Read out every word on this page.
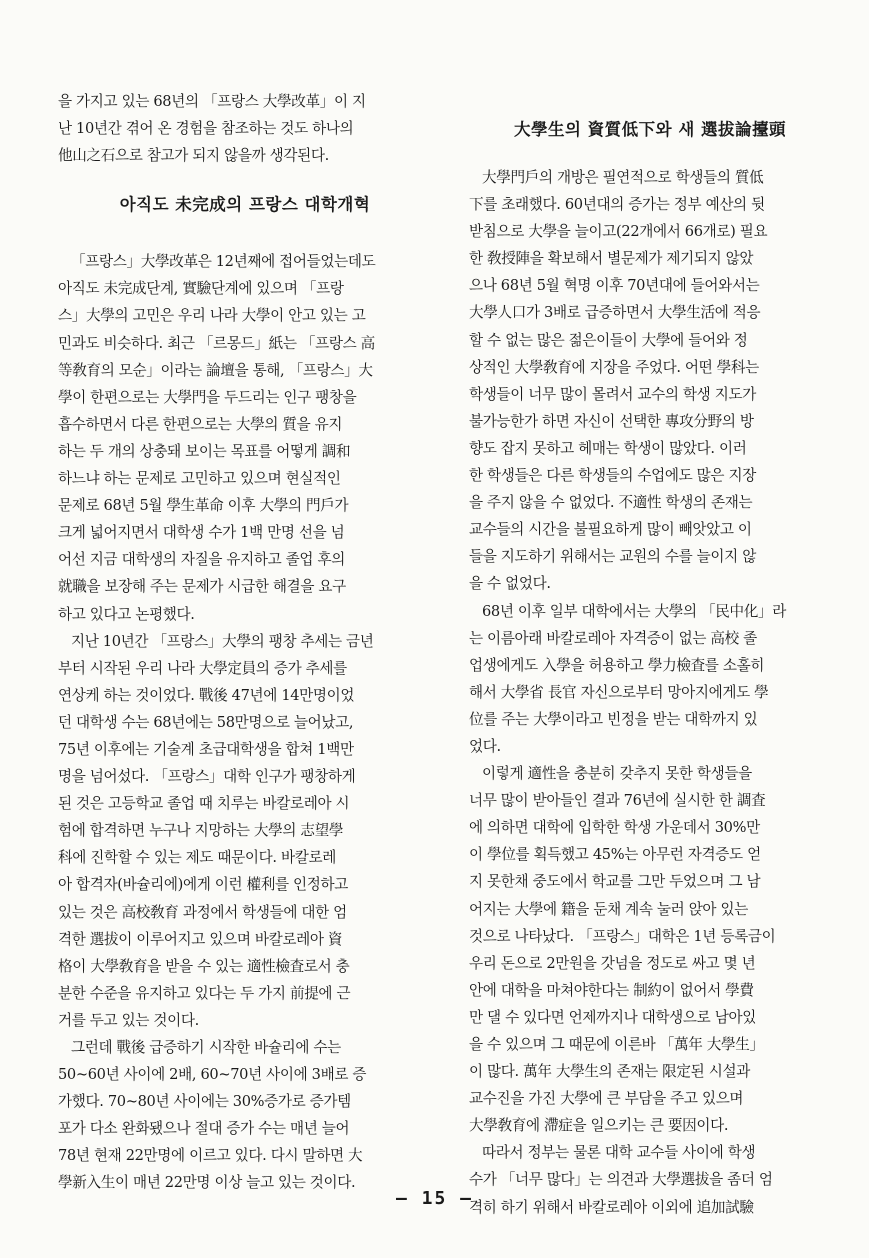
을 가지고 있는 68년의 「프랑스 大學改革」이 지
난 10년간 겪어 온 경험을 참조하는 것도 하나의
他山之石으로 참고가 되지 않을까 생각된다.
아직도 未完成의 프랑스 대학개혁
「프랑스」大學改革은 12년째에 접어들었는데도
아직도 未完成단계, 實驗단계에 있으며 「프랑
스」大學의 고민은 우리 나라 大學이 안고 있는 고
민과도 비슷하다. 최근 「르몽드」紙는 「프랑스 高
等敎育의 모순」이라는 論壇을 통해, 「프랑스」大
學이 한편으로는 大學門을 두드리는 인구 팽창을
흡수하면서 다른 한편으로는 大學의 質을 유지
하는 두 개의 상충돼 보이는 목표를 어떻게 調和
하느냐 하는 문제로 고민하고 있으며 현실적인
문제로 68년 5월 學生革命 이후 大學의 門戶가
크게 넓어지면서 대학생 수가 1백 만명 선을 넘
어선 지금 대학생의 자질을 유지하고 졸업 후의
就職을 보장해 주는 문제가 시급한 해결을 요구
하고 있다고 논평했다.
지난 10년간 「프랑스」大學의 팽창 추세는 금년
부터 시작된 우리 나라 大學定員의 증가 추세를
연상케 하는 것이었다. 戰後 47년에 14만명이었
던 대학생 수는 68년에는 58만명으로 늘어났고,
75년 이후에는 기술계 초급대학생을 합쳐 1백만
명을 넘어섰다. 「프랑스」대학 인구가 팽창하게
된 것은 고등학교 졸업 때 치루는 바칼로레아 시
험에 합격하면 누구나 지망하는 大學의 志望學
科에 진학할 수 있는 제도 때문이다. 바칼로레
아 합격자(바슐리에)에게 이런 權利를 인정하고
있는 것은 高校敎育 과정에서 학생들에 대한 엄
격한 選拔이 이루어지고 있으며 바칼로레아 資
格이 大學敎育을 받을 수 있는 適性檢査로서 충
분한 수준을 유지하고 있다는 두 가지 前提에 근
거를 두고 있는 것이다.
그런데 戰後 급증하기 시작한 바슐리에 수는
50~60년 사이에 2배, 60~70년 사이에 3배로 증
가했다. 70~80년 사이에는 30%증가로 증가템
포가 다소 완화됐으나 절대 증가 수는 매년 늘어
78년 현재 22만명에 이르고 있다. 다시 말하면 大
學新入生이 매년 22만명 이상 늘고 있는 것이다.
大學生의 資質低下와 새 選拔論擡頭
大學門戶의 개방은 필연적으로 학생들의 質低
下를 초래했다. 60년대의 증가는 정부 예산의 뒷
받침으로 大學을 늘이고(22개에서 66개로) 필요
한 敎授陣을 확보해서 별문제가 제기되지 않았
으나 68년 5월 혁명 이후 70년대에 들어와서는
大學人口가 3배로 급증하면서 大學生活에 적응
할 수 없는 많은 젊은이들이 大學에 들어와 정
상적인 大學敎育에 지장을 주었다. 어떤 學科는
학생들이 너무 많이 몰려서 교수의 학생 지도가
불가능한가 하면 자신이 선택한 專攻分野의 방
향도 잡지 못하고 헤매는 학생이 많았다. 이러
한 학생들은 다른 학생들의 수업에도 많은 지장
을 주지 않을 수 없었다. 不適性 학생의 존재는
교수들의 시간을 불필요하게 많이 빼앗았고 이
들을 지도하기 위해서는 교원의 수를 늘이지 않
을 수 없었다.
68년 이후 일부 대학에서는 大學의 「民中化」라
는 이름아래 바칼로레아 자격증이 없는 高校 졸
업생에게도 入學을 허용하고 學力檢査를 소홀히
해서 大學省 長官 자신으로부터 망아지에게도 學
位를 주는 大學이라고 빈정을 받는 대학까지 있
었다.
이렇게 適性을 충분히 갖추지 못한 학생들을
너무 많이 받아들인 결과 76년에 실시한 한 調査
에 의하면 대학에 입학한 학생 가운데서 30%만
이 學位를 획득했고 45%는 아무런 자격증도 얻
지 못한채 중도에서 학교를 그만 두었으며 그 남
어지는 大學에 籍을 둔채 계속 눌러 앉아 있는
것으로 나타났다. 「프랑스」대학은 1년 등록금이
우리 돈으로 2만원을 갓넘을 정도로 싸고 몇 년
안에 대학을 마쳐야한다는 制約이 없어서 學費
만 댈 수 있다면 언제까지나 대학생으로 남아있
을 수 있으며 그 때문에 이른바 「萬年 大學生」
이 많다. 萬年 大學生의 존재는 限定된 시설과
교수진을 가진 大學에 큰 부담을 주고 있으며
大學敎育에 滯症을 일으키는 큰 要因이다.
따라서 정부는 물론 대학 교수들 사이에 학생
수가 「너무 많다」는 의견과 大學選拔을 좀더 엄
격히 하기 위해서 바칼로레아 이외에 追加試驗
— 15 —
